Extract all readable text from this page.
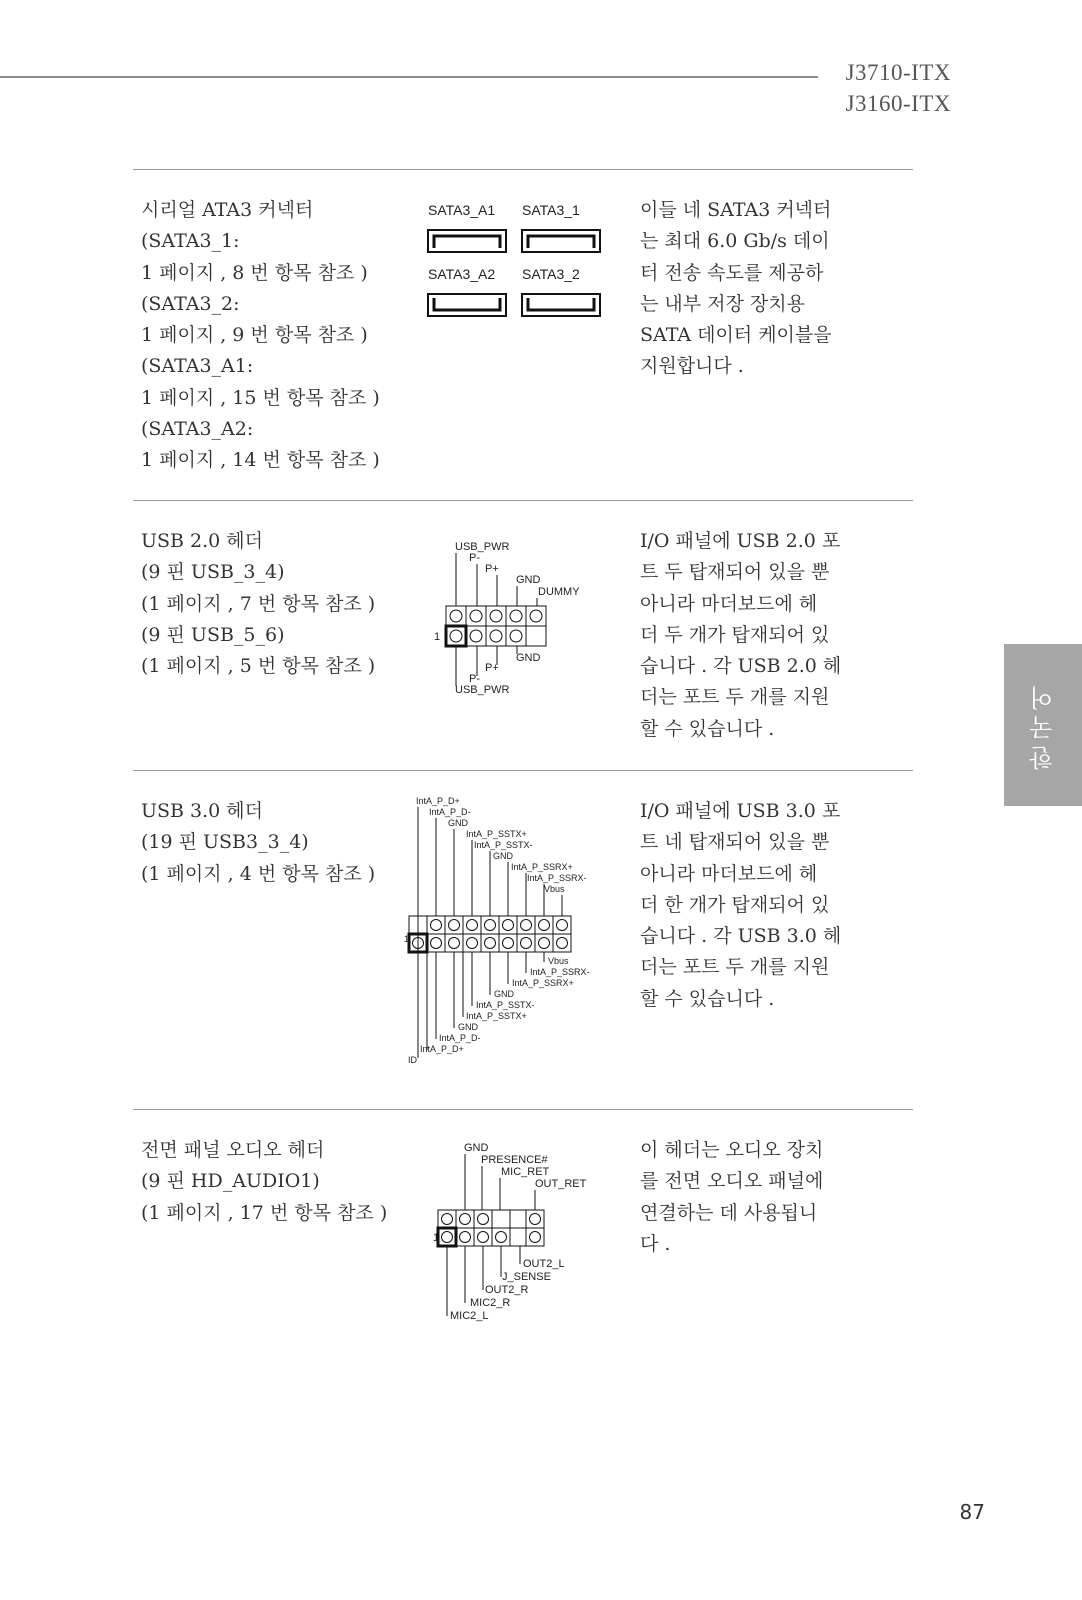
J3710-ITX
J3160-ITX
시리얼 ATA3 커넥터
(SATA3_1:
1 페이지 , 8 번 항목 참조 )
(SATA3_2:
1 페이지 , 9 번 항목 참조 )
(SATA3_A1:
1 페이지 , 15 번 항목 참조 )
(SATA3_A2:
1 페이지 , 14 번 항목 참조 )
SATA3_A1 SATA3_1
SATA3_A2 SATA3_2
이들 네 SATA3 커넥터
는 최대 6.0 Gb/s 데이
터 전송 속도를 제공하
는 내부 저장 장치용
SATA 데이터 케이블을
지원합니다 .
USB 2.0 헤더
(9 핀 USB_3_4)
(1 페이지 , 7 번 항목 참조 )
(9 핀 USB_5_6)
(1 페이지 , 5 번 항목 참조 )
USB_PWR
P-
P+
GND
DUMMY
1
GND
P+
P-
USB_PWR
I/O 패널에 USB 2.0 포
트 두 탑재되어 있을 뿐
아니라 마더보드에 헤
더 두 개가 탑재되어 있
습니다 . 각 USB 2.0 헤
더는 포트 두 개를 지원
할 수 있습니다 .
USB 3.0 헤더
(19 핀 USB3_3_4)
(1 페이지 , 4 번 항목 참조 )
IntA_P_D+
IntA_P_D-
GND
IntA_P_SSTX+
IntA_P_SSTX-
GND
IntA_P_SSRX+
IntA_P_SSRX-
Vbus
1
Vbus
IntA_P_SSRX-
IntA_P_SSRX+
GND
IntA_P_SSTX-
IntA_P_SSTX+
GND
IntA_P_D-
IntA_P_D+
ID
I/O 패널에 USB 3.0 포
트 네 탑재되어 있을 뿐
아니라 마더보드에 헤
더 한 개가 탑재되어 있
습니다 . 각 USB 3.0 헤
더는 포트 두 개를 지원
할 수 있습니다 .
전면 패널 오디오 헤더
(9 핀 HD_AUDIO1)
(1 페이지 , 17 번 항목 참조 )
GND
PRESENCE#
MIC_RET
OUT_RET
1
OUT2_L
J_SENSE
OUT2_R
MIC2_R
MIC2_L
이 헤더는 오디오 장치
를 전면 오디오 패널에
연결하는 데 사용됩니
다 .
한국어
87
